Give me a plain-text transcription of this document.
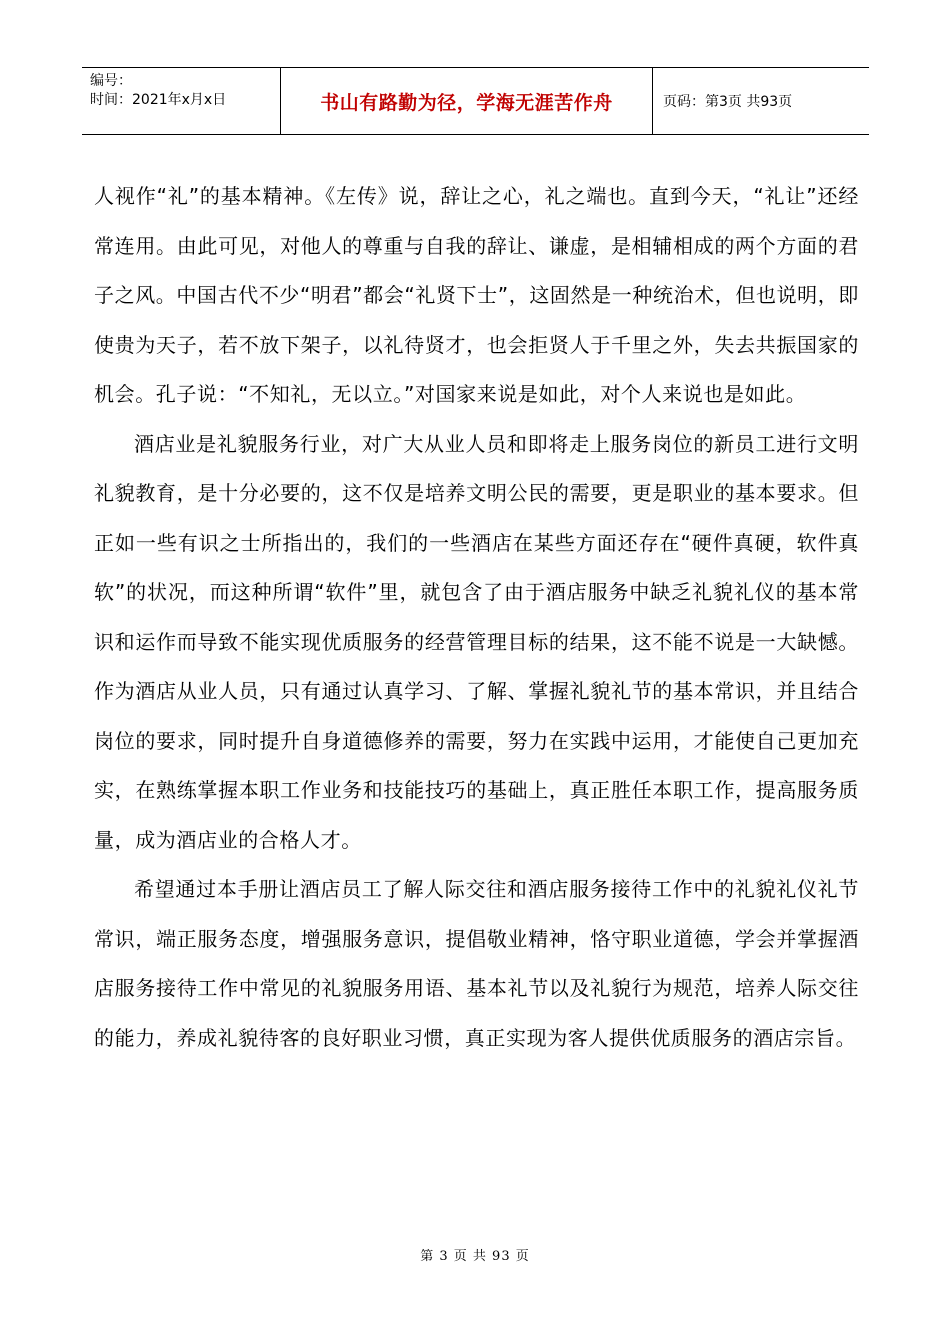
编号：
时间：2021年x月x日	书山有路勤为径，学海无涯苦作舟	页码：第3页 共93页

人视作“礼”的基本精神。《左传》说，辞让之心，礼之端也。直到今天，“礼让”还经常连用。由此可见，对他人的尊重与自我的辞让、谦虚，是相辅相成的两个方面的君子之风。中国古代不少“明君”都会“礼贤下士”，这固然是一种统治术，但也说明，即使贵为天子，若不放下架子，以礼待贤才，也会拒贤人于千里之外，失去共振国家的机会。孔子说：“不知礼，无以立。”对国家来说是如此，对个人来说也是如此。

酒店业是礼貌服务行业，对广大从业人员和即将走上服务岗位的新员工进行文明礼貌教育，是十分必要的，这不仅是培养文明公民的需要，更是职业的基本要求。但正如一些有识之士所指出的，我们的一些酒店在某些方面还存在“硬件真硬，软件真软”的状况，而这种所谓“软件”里，就包含了由于酒店服务中缺乏礼貌礼仪的基本常识和运作而导致不能实现优质服务的经营管理目标的结果，这不能不说是一大缺憾。作为酒店从业人员，只有通过认真学习、了解、掌握礼貌礼节的基本常识，并且结合岗位的要求，同时提升自身道德修养的需要，努力在实践中运用，才能使自己更加充实，在熟练掌握本职工作业务和技能技巧的基础上，真正胜任本职工作，提高服务质量，成为酒店业的合格人才。

希望通过本手册让酒店员工了解人际交往和酒店服务接待工作中的礼貌礼仪礼节常识，端正服务态度，增强服务意识，提倡敬业精神，恪守职业道德，学会并掌握酒店服务接待工作中常见的礼貌服务用语、基本礼节以及礼貌行为规范，培养人际交往的能力，养成礼貌待客的良好职业习惯，真正实现为客人提供优质服务的酒店宗旨。

第 3 页 共 93 页
